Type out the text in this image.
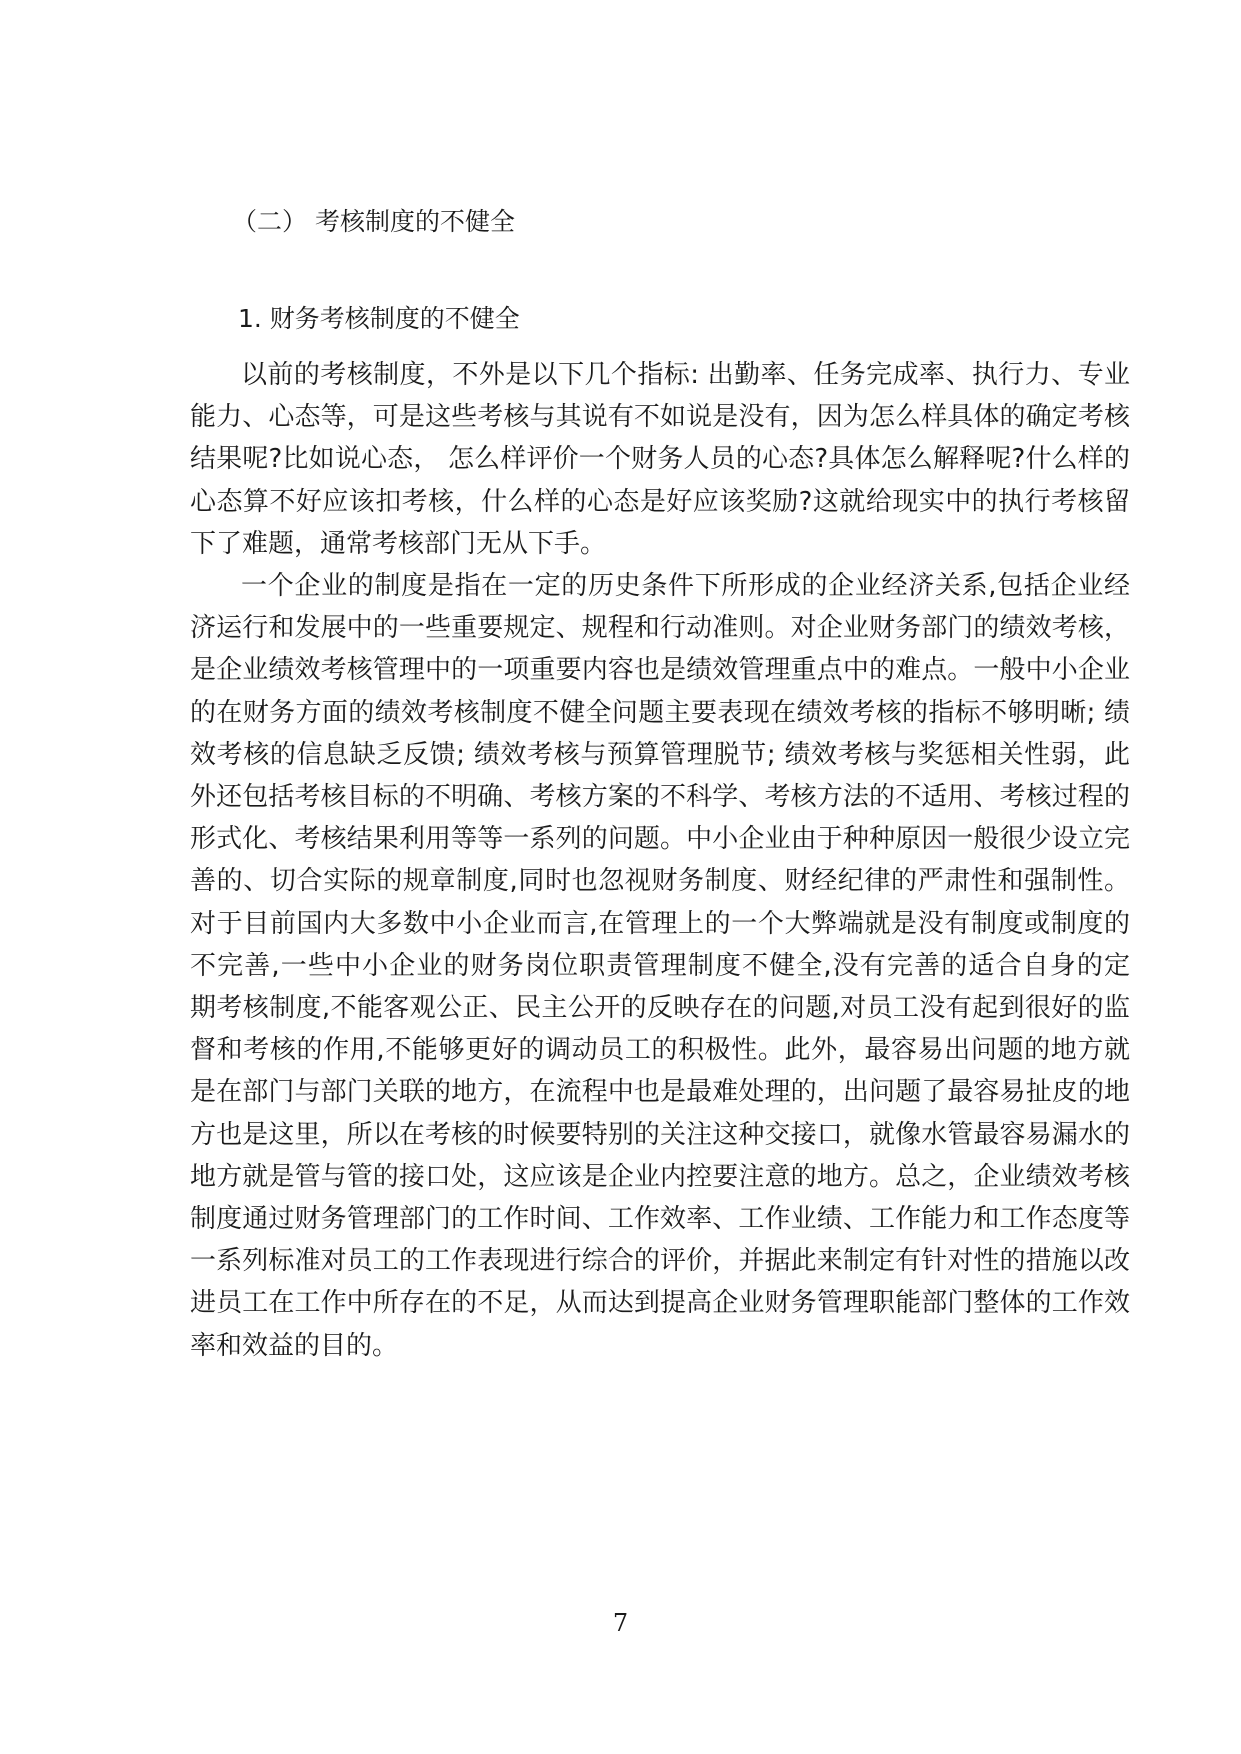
（二） 考核制度的不健全
1. 财务考核制度的不健全
以前的考核制度，不外是以下几个指标: 出勤率、任务完成率、执行力、专业
能力、心态等，可是这些考核与其说有不如说是没有，因为怎么样具体的确定考核
结果呢?比如说心态， 怎么样评价一个财务人员的心态?具体怎么解释呢?什么样的
心态算不好应该扣考核，什么样的心态是好应该奖励?这就给现实中的执行考核留
下了难题，通常考核部门无从下手。
一个企业的制度是指在一定的历史条件下所形成的企业经济关系,包括企业经
济运行和发展中的一些重要规定、规程和行动准则。对企业财务部门的绩效考核，
是企业绩效考核管理中的一项重要内容也是绩效管理重点中的难点。一般中小企业
的在财务方面的绩效考核制度不健全问题主要表现在绩效考核的指标不够明晰; 绩
效考核的信息缺乏反馈; 绩效考核与预算管理脱节; 绩效考核与奖惩相关性弱，此
外还包括考核目标的不明确、考核方案的不科学、考核方法的不适用、考核过程的
形式化、考核结果利用等等一系列的问题。中小企业由于种种原因一般很少设立完
善的、切合实际的规章制度,同时也忽视财务制度、财经纪律的严肃性和强制性。
对于目前国内大多数中小企业而言,在管理上的一个大弊端就是没有制度或制度的
不完善,一些中小企业的财务岗位职责管理制度不健全,没有完善的适合自身的定
期考核制度,不能客观公正、民主公开的反映存在的问题,对员工没有起到很好的监
督和考核的作用,不能够更好的调动员工的积极性。此外，最容易出问题的地方就
是在部门与部门关联的地方，在流程中也是最难处理的，出问题了最容易扯皮的地
方也是这里，所以在考核的时候要特别的关注这种交接口，就像水管最容易漏水的
地方就是管与管的接口处，这应该是企业内控要注意的地方。总之，企业绩效考核
制度通过财务管理部门的工作时间、工作效率、工作业绩、工作能力和工作态度等
一系列标准对员工的工作表现进行综合的评价，并据此来制定有针对性的措施以改
进员工在工作中所存在的不足，从而达到提高企业财务管理职能部门整体的工作效
率和效益的目的。
7
